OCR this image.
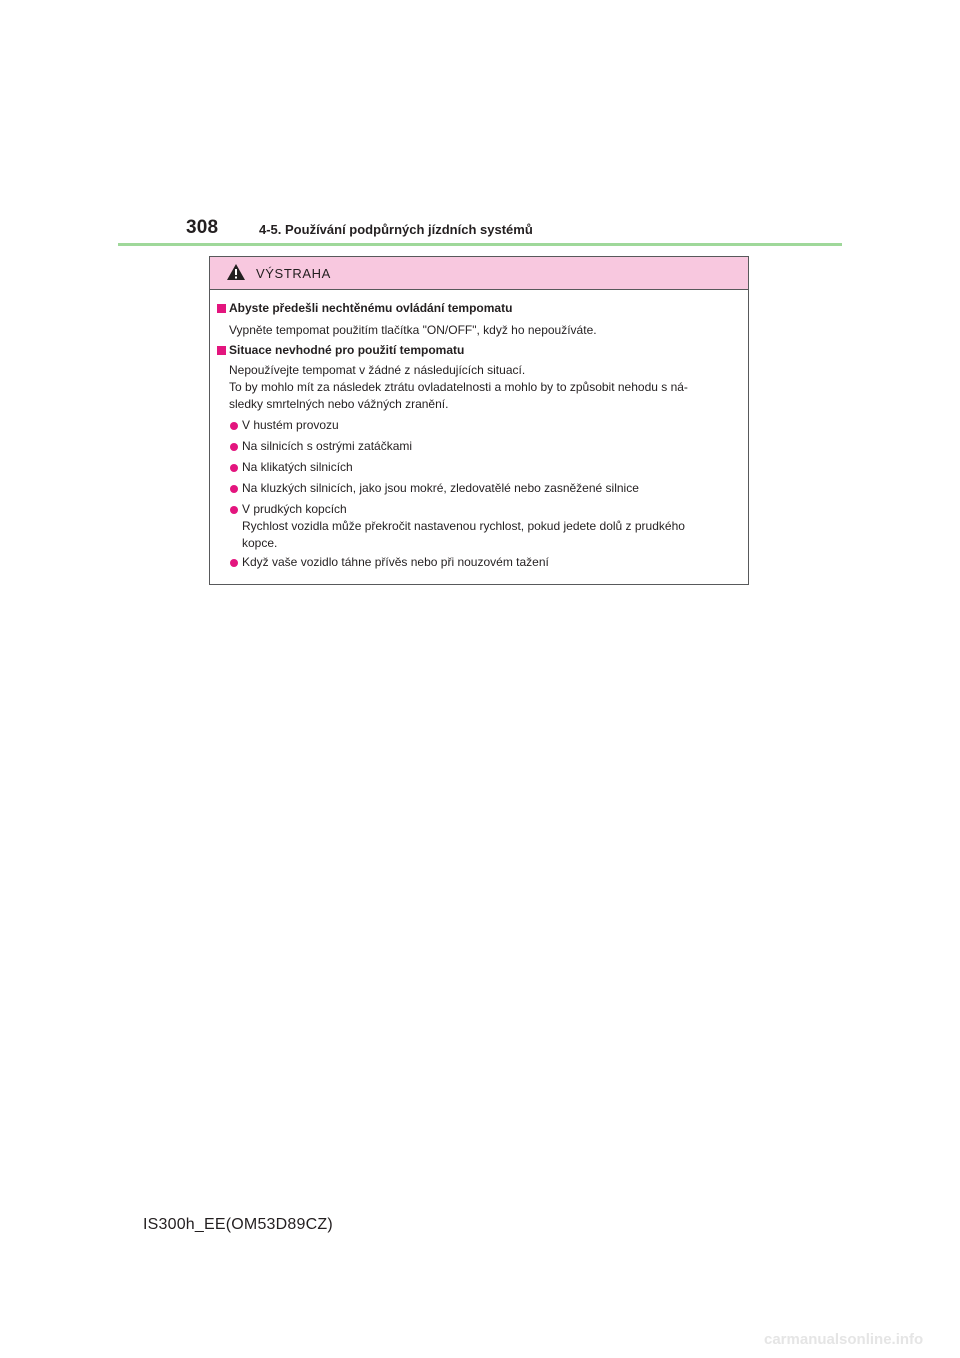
308	4-5. Používání podpůrných jízdních systémů
VÝSTRAHA
Abyste předešli nechtěnému ovládání tempomatu
Vypněte tempomat použitím tlačítka "ON/OFF", když ho nepoužíváte.
Situace nevhodné pro použití tempomatu
Nepoužívejte tempomat v žádné z následujících situací.
To by mohlo mít za následek ztrátu ovladatelnosti a mohlo by to způsobit nehodu s ná-
sledky smrtelných nebo vážných zranění.
V hustém provozu
Na silnicích s ostrými zatáčkami
Na klikatých silnicích
Na kluzkých silnicích, jako jsou mokré, zledovatělé nebo zasněžené silnice
V prudkých kopcích
Rychlost vozidla může překročit nastavenou rychlost, pokud jedete dolů z prudkého
kopce.
Když vaše vozidlo táhne přívěs nebo při nouzovém tažení
IS300h_EE(OM53D89CZ)
carmanualsonline.info
